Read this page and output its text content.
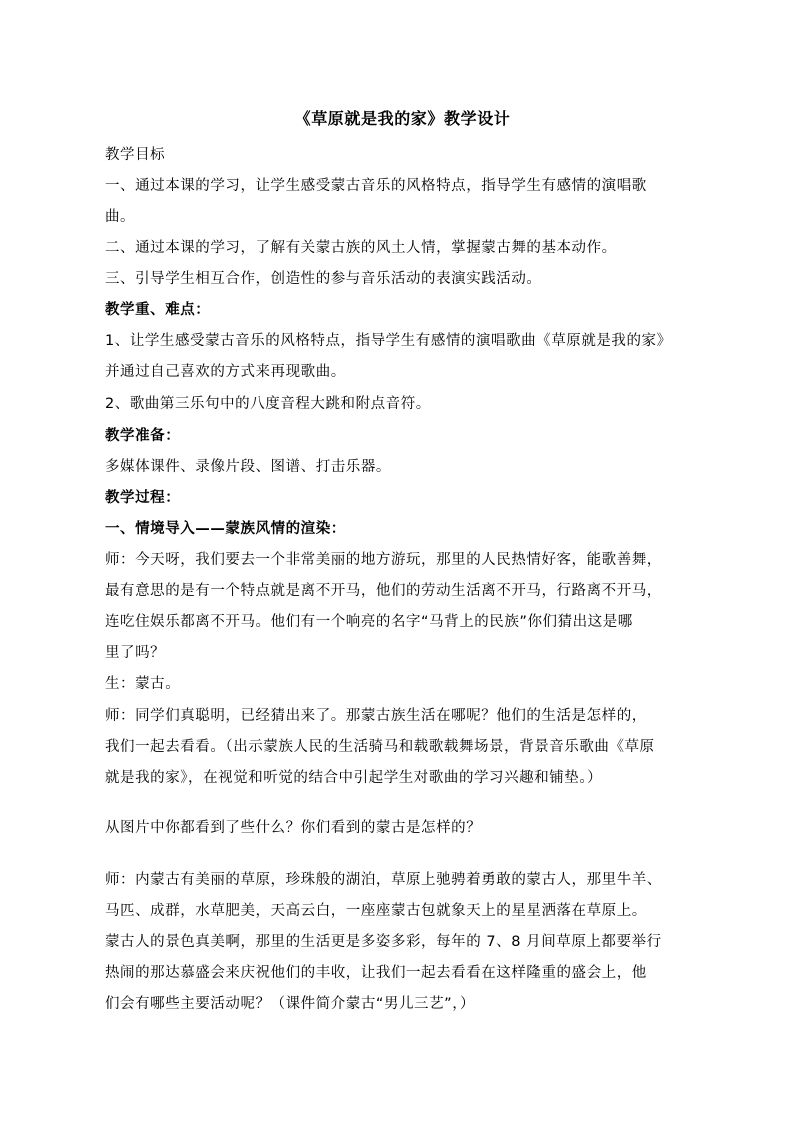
《草原就是我的家》教学设计
教学目标
一、通过本课的学习，让学生感受蒙古音乐的风格特点，指导学生有感情的演唱歌
曲。
二、通过本课的学习，了解有关蒙古族的风土人情，掌握蒙古舞的基本动作。
三、引导学生相互合作，创造性的参与音乐活动的表演实践活动。
教学重、难点：
1、让学生感受蒙古音乐的风格特点，指导学生有感情的演唱歌曲《草原就是我的家》
并通过自己喜欢的方式来再现歌曲。
2、歌曲第三乐句中的八度音程大跳和附点音符。
教学准备：
多媒体课件、录像片段、图谱、打击乐器。
教学过程：
一、情境导入——蒙族风情的渲染：
师：今天呀，我们要去一个非常美丽的地方游玩，那里的人民热情好客，能歌善舞，
最有意思的是有一个特点就是离不开马，他们的劳动生活离不开马，行路离不开马，
连吃住娱乐都离不开马。他们有一个响亮的名字“马背上的民族”你们猜出这是哪
里了吗？
生：蒙古。
师：同学们真聪明，已经猜出来了。那蒙古族生活在哪呢？他们的生活是怎样的，
我们一起去看看。（出示蒙族人民的生活骑马和载歌载舞场景，背景音乐歌曲《草原
就是我的家》，在视觉和听觉的结合中引起学生对歌曲的学习兴趣和铺垫。）
从图片中你都看到了些什么？你们看到的蒙古是怎样的？
师：内蒙古有美丽的草原，珍珠般的湖泊，草原上驰骋着勇敢的蒙古人，那里牛羊、
马匹、成群，水草肥美，天高云白，一座座蒙古包就象天上的星星洒落在草原上。
蒙古人的景色真美啊，那里的生活更是多姿多彩，每年的 7、8 月间草原上都要举行
热闹的那达慕盛会来庆祝他们的丰收，让我们一起去看看在这样隆重的盛会上，他
们会有哪些主要活动呢？（课件简介蒙古“男儿三艺”，）
